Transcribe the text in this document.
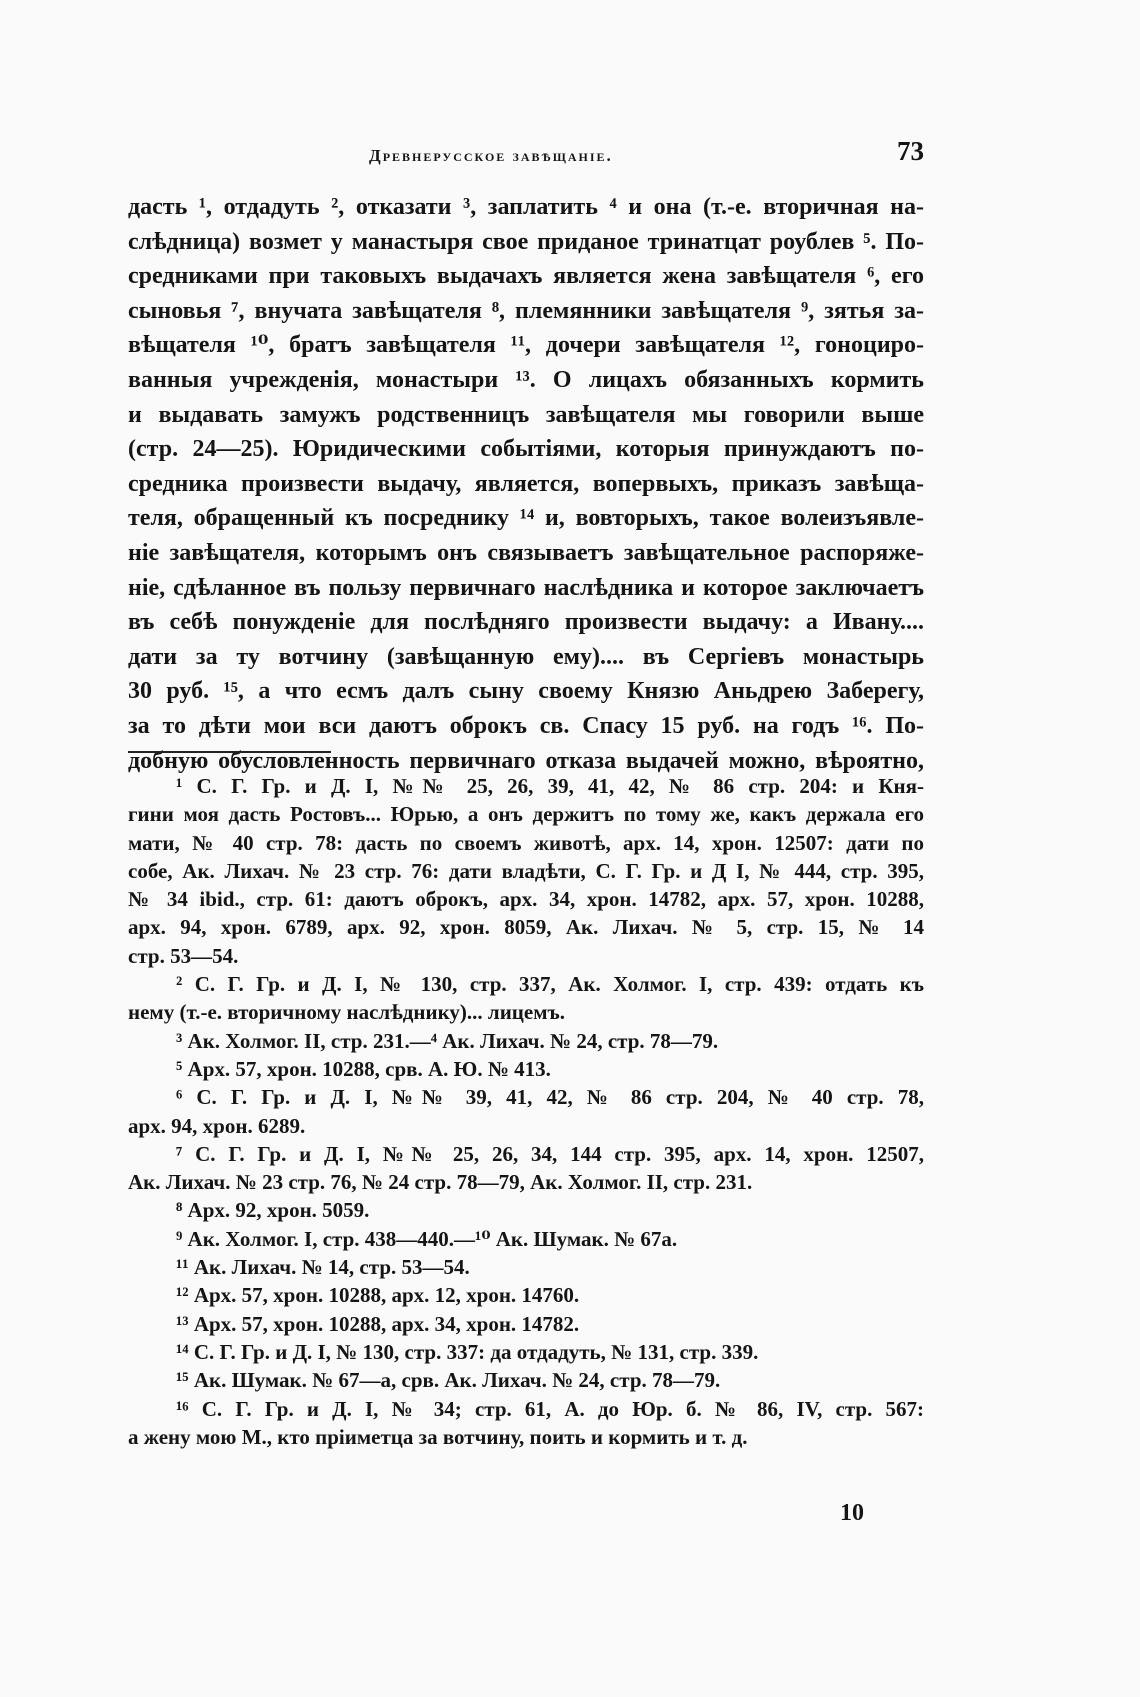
Древнерусское завѣщаніе.	73
дасть ¹, отдадуть ², отказати ³, заплатить ⁴ и она (т.-е. вторичная на-
слѣдница) возмет у манастыря свое приданое тринатцат роублев ⁵. По-
средниками при таковыхъ выдачахъ является жена завѣщателя ⁶, его
сыновья ⁷, внучата завѣщателя ⁸, племянники завѣщателя ⁹, зятья за-
вѣщателя ¹⁰, братъ завѣщателя ¹¹, дочери завѣщателя ¹², гоноциро-
ванныя учрежденія, монастыри ¹³. О лицахъ обязанныхъ кормить
и выдавать замужъ родственницъ завѣщателя мы говорили выше
(стр. 24—25). Юридическими событіями, которыя принуждаютъ по-
средника произвести выдачу, является, вопервыхъ, приказъ завѣща-
теля, обращенный къ посреднику ¹⁴ и, вовторыхъ, такое волеизъявле-
ніе завѣщателя, которымъ онъ связываетъ завѣщательное распоряже-
ніе, сдѣланное въ пользу первичнаго наслѣдника и которое заключаетъ
въ себѣ понужденіе для послѣдняго произвести выдачу: а Ивану....
дати за ту вотчину (завѣщанную ему).... въ Сергіевъ монастырь
30 руб. ¹⁵, а что есмъ далъ сыну своему Князю Аньдрею Заберегу,
за то дѣти мои вси даютъ оброкъ св. Спасу 15 руб. на годъ ¹⁶. По-
добную обусловленность первичнаго отказа выдачей можно, вѣроятно,
¹ С. Г. Гр. и Д. I, №№ 25, 26, 39, 41, 42, № 86 стр. 204: и Кня-
гини моя дасть Ростовъ... Юрью, а онъ держитъ по тому же, какъ держала его
мати, № 40 стр. 78: дасть по своемъ животѣ, арх. 14, хрон. 12507: дати по
собе, Ак. Лихач. № 23 стр. 76: дати владѣти, С. Г. Гр. и Д I, № 444, стр. 395,
№ 34 ibid., стр. 61: даютъ оброкъ, арх. 34, хрон. 14782, арх. 57, хрон. 10288,
арх. 94, хрон. 6789, арх. 92, хрон. 8059, Ак. Лихач. № 5, стр. 15, № 14
стр. 53—54.
² С. Г. Гр. и Д. I, № 130, стр. 337, Ак. Холмог. I, стр. 439: отдать къ
нему (т.-е. вторичному наслѣднику)... лицемъ.
³ Ак. Холмог. II, стр. 231.—⁴ Ак. Лихач. № 24, стр. 78—79.
⁵ Арх. 57, хрон. 10288, срв. А. Ю. № 413.
⁶ С. Г. Гр. и Д. I, №№ 39, 41, 42, № 86 стр. 204, № 40 стр. 78,
арх. 94, хрон. 6289.
⁷ С. Г. Гр. и Д. I, №№ 25, 26, 34, 144 стр. 395, арх. 14, хрон. 12507,
Ак. Лихач. № 23 стр. 76, № 24 стр. 78—79, Ак. Холмог. II, стр. 231.
⁸ Арх. 92, хрон. 5059.
⁹ Ак. Холмог. I, стр. 438—440.—¹⁰ Ак. Шумак. № 67а.
¹¹ Ак. Лихач. № 14, стр. 53—54.
¹² Арх. 57, хрон. 10288, арх. 12, хрон. 14760.
¹³ Арх. 57, хрон. 10288, арх. 34, хрон. 14782.
¹⁴ С. Г. Гр. и Д. I, № 130, стр. 337: да отдадуть, № 131, стр. 339.
¹⁵ Ак. Шумак. № 67—а, срв. Ак. Лихач. № 24, стр. 78—79.
¹⁶ С. Г. Гр. и Д. I, № 34; стр. 61, А. до Юр. б. № 86, IV, стр. 567:
а жену мою М., кто пріиметца за вотчину, поить и кормить и т. д.
10
